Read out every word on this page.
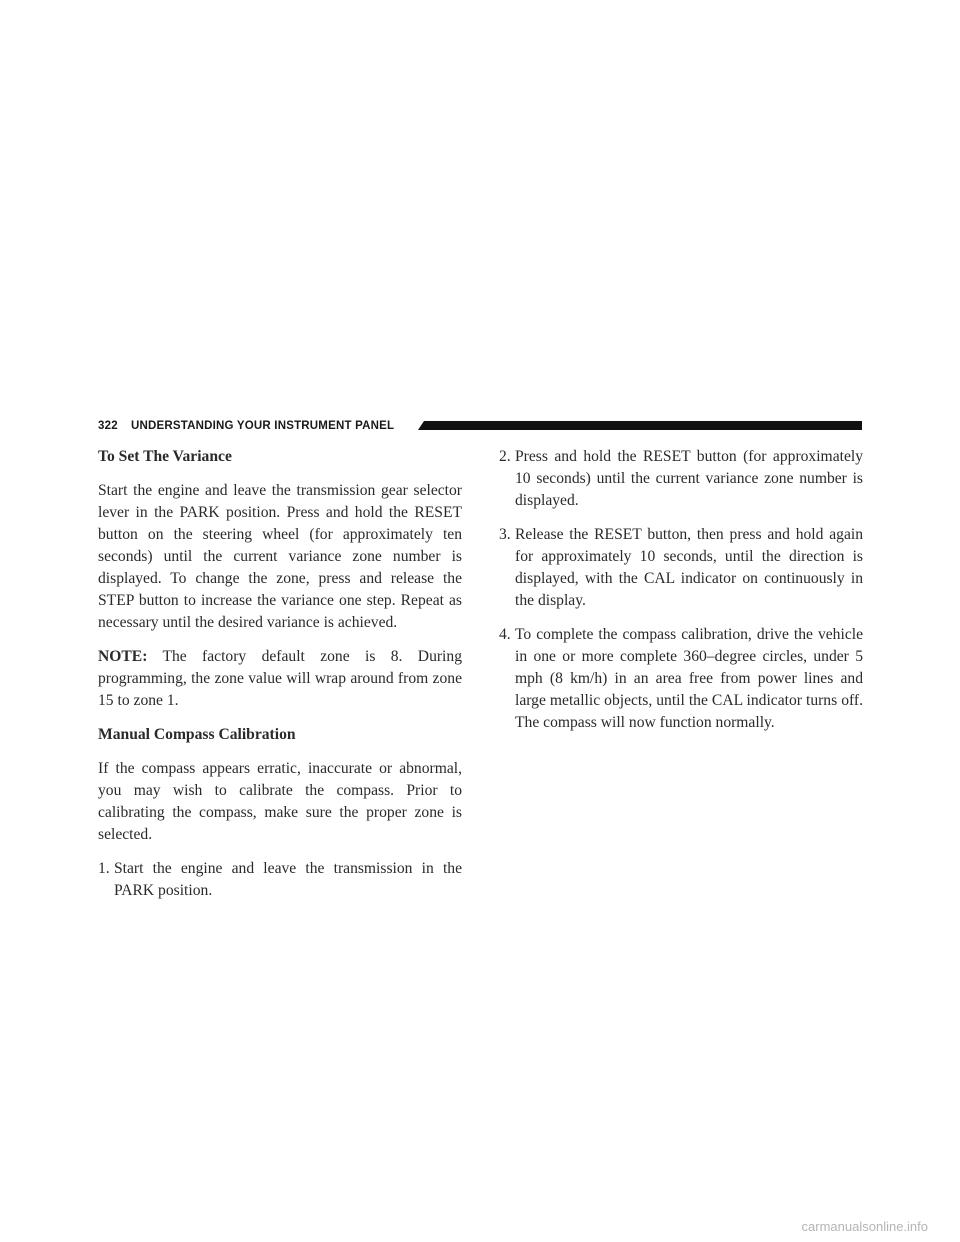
322 UNDERSTANDING YOUR INSTRUMENT PANEL

To Set The Variance

Start the engine and leave the transmission gear selector lever in the PARK position. Press and hold the RESET button on the steering wheel (for approximately ten seconds) until the current variance zone number is displayed. To change the zone, press and release the STEP button to increase the variance one step. Repeat as necessary until the desired variance is achieved.

NOTE: The factory default zone is 8. During programming, the zone value will wrap around from zone 15 to zone 1.

Manual Compass Calibration

If the compass appears erratic, inaccurate or abnormal, you may wish to calibrate the compass. Prior to calibrating the compass, make sure the proper zone is selected.

1. Start the engine and leave the transmission in the PARK position.
2. Press and hold the RESET button (for approximately 10 seconds) until the current variance zone number is displayed.
3. Release the RESET button, then press and hold again for approximately 10 seconds, until the direction is displayed, with the CAL indicator on continuously in the display.
4. To complete the compass calibration, drive the vehicle in one or more complete 360–degree circles, under 5 mph (8 km/h) in an area free from power lines and large metallic objects, until the CAL indicator turns off. The compass will now function normally.
carmanualsonline.info
